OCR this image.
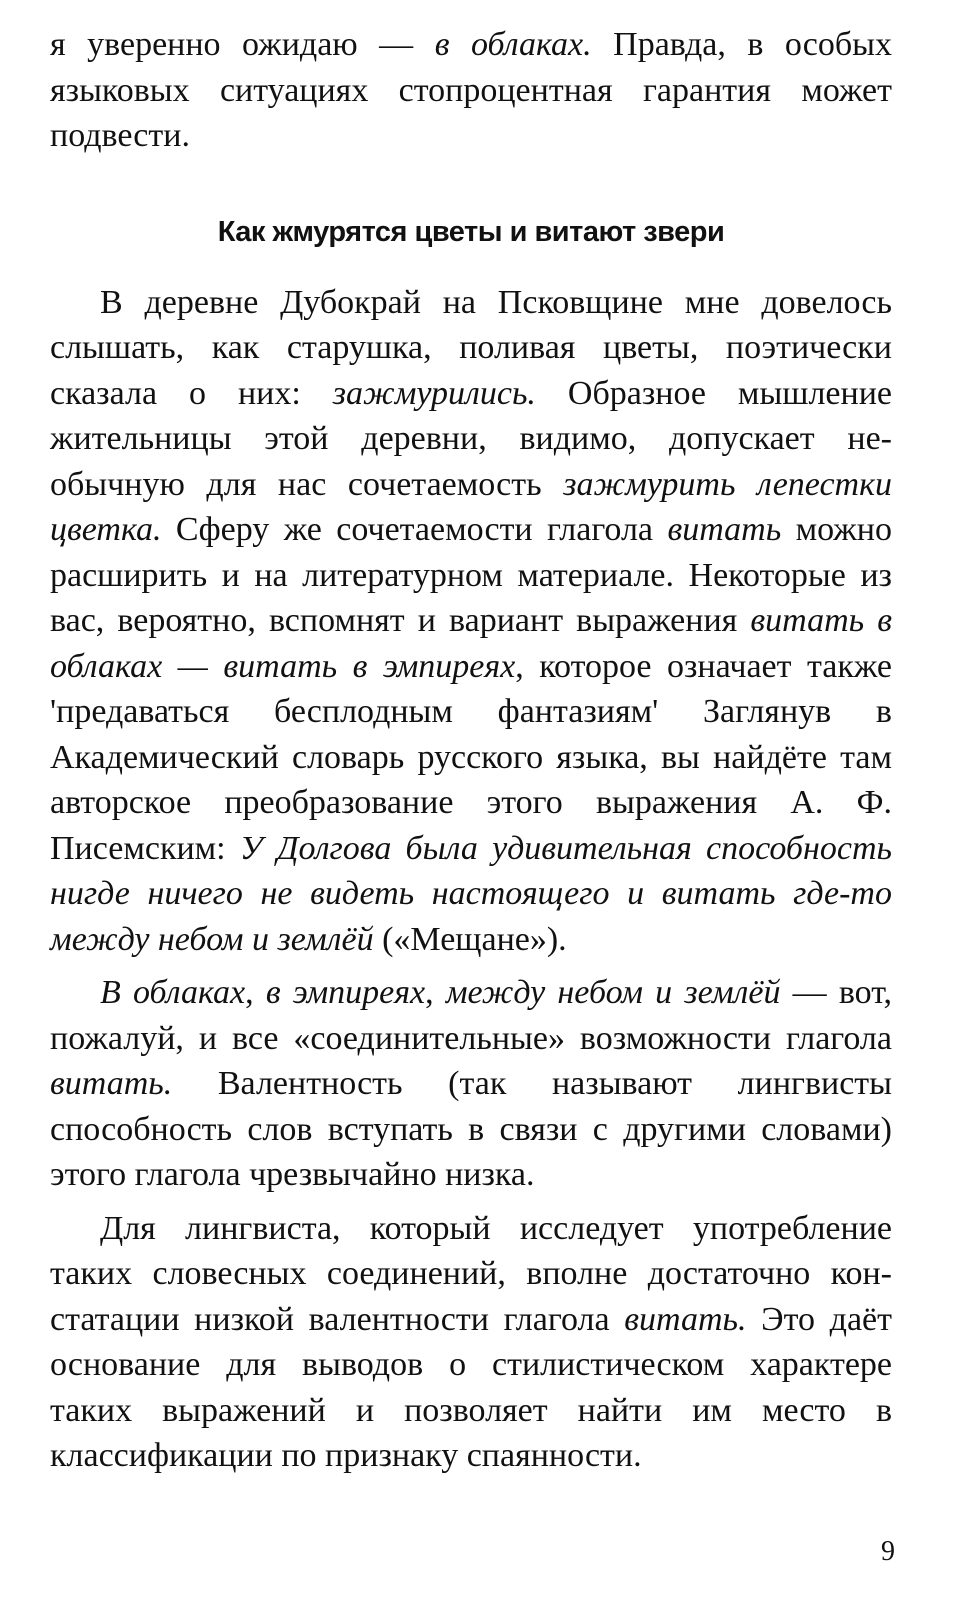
я уверенно ожидаю — в облаках. Правда, в особых языковых ситуациях стопроцентная гарантия может подвести.

Как жмурятся цветы и витают звери

В деревне Дубокрай на Псковщине мне довелось слышать, как старушка, поливая цветы, поэтически сказала о них: зажмурились. Образное мышление жительницы этой деревни, видимо, допускает необычную для нас сочетаемость зажмурить лепестки цветка. Сферу же сочетаемости глагола витать можно расширить и на литературном материале. Некоторые из вас, вероятно, вспомнят и вариант выражения витать в облаках — витать в эмпиреях, которое означает также 'предаваться бесплодным фантазиям' Заглянув в Академический словарь русского языка, вы найдёте там авторское преобразование этого выражения А. Ф. Писемским: У Долгова была удивительная способность нигде ничего не видеть настоящего и витать где-то между небом и землёй («Мещане»).

В облаках, в эмпиреях, между небом и землёй — вот, пожалуй, и все «соединительные» возможности глагола витать. Валентность (так называют лингвисты способность слов вступать в связи с другими словами) этого глагола чрезвычайно низка.

Для лингвиста, который исследует употребление таких словесных соединений, вполне достаточно констатации низкой валентности глагола витать. Это даёт основание для выводов о стилистическом характере таких выражений и позволяет найти им место в классификации по признаку спаянности.

9
